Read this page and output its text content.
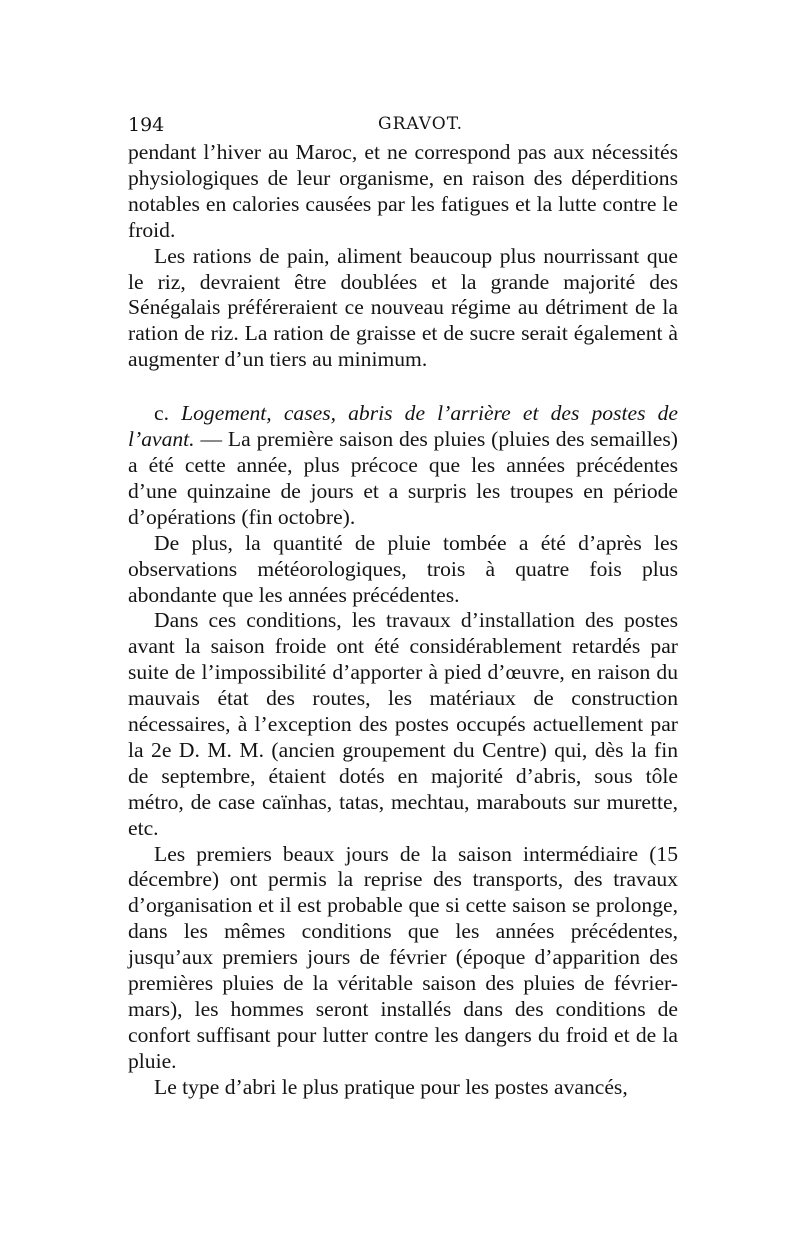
194	GRAVOT.

pendant l’hiver au Maroc, et ne correspond pas aux nécessités physiologiques de leur organisme, en raison des déperditions notables en calories causées par les fatigues et la lutte contre le froid.

Les rations de pain, aliment beaucoup plus nourrissant que le riz, devraient être doublées et la grande majorité des Sénégalais préféreraient ce nouveau régime au détriment de la ration de riz. La ration de graisse et de sucre serait également à augmenter d’un tiers au minimum.

c. Logement, cases, abris de l’arrière et des postes de l’avant. — La première saison des pluies (pluies des semailles) a été cette année, plus précoce que les années précédentes d’une quinzaine de jours et a surpris les troupes en période d’opérations (fin octobre).

De plus, la quantité de pluie tombée a été d’après les observations météorologiques, trois à quatre fois plus abondante que les années précédentes.

Dans ces conditions, les travaux d’installation des postes avant la saison froide ont été considérablement retardés par suite de l’impossibilité d’apporter à pied d’œuvre, en raison du mauvais état des routes, les matériaux de construction nécessaires, à l’exception des postes occupés actuellement par la 2e D. M. M. (ancien groupement du Centre) qui, dès la fin de septembre, étaient dotés en majorité d’abris, sous tôle métro, de case caïnhas, tatas, mechtau, marabouts sur murette, etc.

Les premiers beaux jours de la saison intermédiaire (15 décembre) ont permis la reprise des transports, des travaux d’organisation et il est probable que si cette saison se prolonge, dans les mêmes conditions que les années précédentes, jusqu’aux premiers jours de février (époque d’apparition des premières pluies de la véritable saison des pluies de février-mars), les hommes seront installés dans des conditions de confort suffisant pour lutter contre les dangers du froid et de la pluie.

Le type d’abri le plus pratique pour les postes avancés,
